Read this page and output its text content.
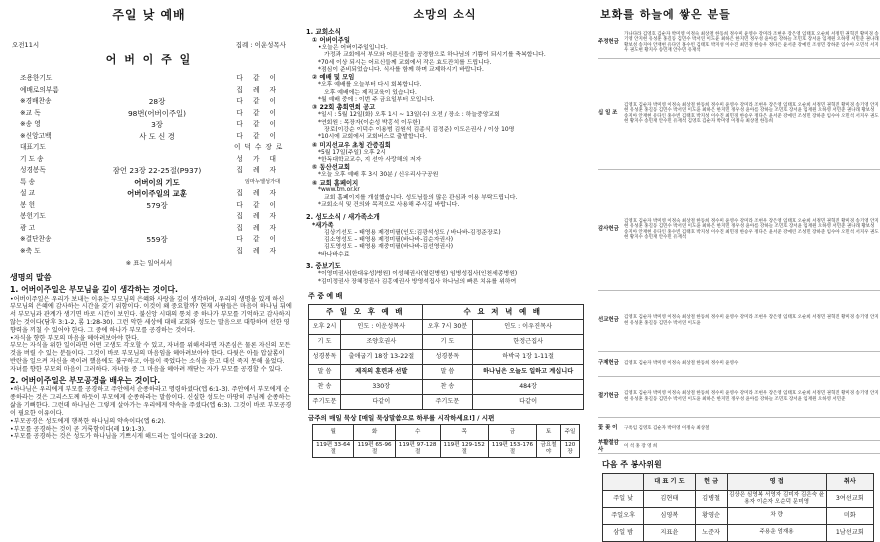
주일 낮 예배
오전11시	집례 : 이운성목사
어 버 이 주 일
조용한기도	다 같 이
예배로의부름	집 례 자
※경배찬송	28장	다 같 이
※교 독	98번(어버이주일)	다 같 이
※송 영	3장	다 같 이
※신앙고백	사 도 신 경	다 같 이
대표기도	이덕수장로
기 도 송	성 가 대
성경봉독	잠언 23장 22-25절(P937)	집 례 자
특 송	어버이의 기도	임마누엘성가대
설 교	어버이주일의 교훈	집 례 자
봉 헌	579장	다 같 이
봉헌기도	집 례 자
광 고	집 례 자
※결단찬송	559장	다 같 이
※축 도	집 례 자
※ 표는 일어서서
생명의 말씀
1. 어버이주일은 부모님을 깊이 생각하는 것이다.
•어버이주일은 우리가 보내는 이유는 부모님의 은혜와 사랑을 깊이 생각하며, 우리의 생명을 있게 하신 부모님의 은혜에 감사하는 시간을 갖기 위함이다. 이것이 왜 중요할까? 현재 사람들은 마음이 하나님 뒤에서 부모님과 관계가 생기면 바로 시간이 보인다. 불신앙 시대의 통치 중 하나가 부모를 기억하고 감사하지 않는 것이다(담후 3:1-2, 롬 1:28-30). 그런 악한 세상에 대해 교회와 성도는 말음으로 대항하며 선한 영향력을 끼칠 수 있어야 한다. 그 중에 하나가 부모를 공경하는 것이다.
•자식을 향한 부모의 마음을 헤아려보아야 한다.
부모는 자식을 위한 일이라면 어떤 고생도 각오할 수 있고, 자녀를 위해서라면 자존심은 물론 자신의 모든 것을 버릴 수 있는 분들이다. 그것이 바로 부모님의 마음임을 헤아려보아야 한다. 다윗은 아들 압살롬이 반란을 일으켜 자신을 죽이려 했음에도 불구하고, 아들이 죽었다는 소식을 듣고 대신 죽지 못해 울었다. 자녀를 향한 부모의 마음이 그러하다. 자녀들 중 그 마음을 헤아려 깨닫는 자가 부모를 공경할 수 있다.
2. 어버이주일은 부모공경을 배우는 것이다.
•하나님은 우리에게 부모를 공경하고 주안에서 순종하라고 명령하셨다(엡 6:1-3). 주안에서 부모에게 순종하라는 것은 그리스도께 하듯이 부모에게 순종하라는 말씀이다. 신실한 성도는 마땅히 주님께 순종하는 삶을 기뻐한다. 그런데 하나님은 그렇게 살아가는 우리에게 약속을 주셨다(엡 6:3). 그것이 바로 부모공경이 필요한 이유이다.
•부모공경은 성도에게 행복한 하나님의 약속이다(엡 6:2).
•부모를 공경하는 것이 곧 거룩함이다(레 19:1-3).
•부모를 공경하는 것은 성도가 하나님을 기쁘시게 해드리는 일이다(골 3:20).
소망의 소식
1. 교회소식
① 어버이주일
•오늘은 어버이주일입니다.
가정과 교회에서 부모와 어른신들을 공경함으로 하나님의 기쁨이 되시기를 축복합니다.
*70세 이상 되시는 어르신들께 교회에서 작은 효도잔치를 드립니다.
*점심이 준비되었습니다. 식사를 함께 하며 교제하시기 바랍니다.
② 예배 및 모임
*오후 예배를 오늘부터 다시 회복합니다.
오후 예배에는 제직교육이 있습니다.
*월 예배 중에 : 이번 주 금요일부터 모입니다.
③ 22회 총회연희 공고
*일시 : 5월 12일(화) 오후 1시 ~ 13일(수) 오전 / 장소 : 하늘중앙교회
*연회원 : 목장자(이순성 박홍석 이두한)
장로(이강순 이덕수 이용범 김원석 김종식 김정준) 이도은권사 / 이상 10명
*10시에 교회에서 교회버스로 출발합니다.
④ 미지선교우 초청 간증집회
*5월 17일(주일) 오후 2시
*한독대학교교수, 지 선아 사랑해의 저자
⑤ 동산선교회
*오늘 오후 예배 후 3시 30분 / 신우리사구공원
⑥ 교회 홈페이지
*www.tm.or.kr
교회 홈페이지를 개설했습니다. 성도님들의 많은 관심과 이용 부탁드립니다.
*교회소식 및 건의와 목적으로 사용해 주시길 바랍니다.
2. 성도소식 / 새가족소개
*새가족
김상기선도 – 태영용 제경미필(인도:김광석성도 / 바나바-김정준장로)
김소영성도 – 태영용 제정미필(바나바-김순자권사)
김도영성도 – 태영용 재중미필(바나바-김선영권사)
*바나바수료
3. 중보기도
*이영미권사(한대유성)병원) 이성혜권사(열린병원) 임병성집사(인천세종병원)
*김미정권사 장혜정권사 김홍예권사 방영석집사 하나님의 빠른 치유를 위하여
주 중 예 배
주 일 오 후 예 배		수 요 저 녁 예 배	
오후 2시	인도 : 이운성목사	오후 7시 30분	인도 : 이우진목사
기 도	조양호권사	기 도	한정근집사
성경봉독	출애굽기 18장 13-22절	성경봉독	하박국 1장 1-11절
말 씀	제직의 훈련과 선발	말 씀	하나님은 오늘도 일하고 계십니다
찬 송	330장	찬 송	484장
주기도문	다같이	주기도문	다같이
금주의 매일 묵상 [매일 묵상말씀으로 하루를 시작하세요!] / 시편
월	화	수	목	금	토	주일
119편 33-64절	119편 65-96절	119편 97-128절	119편 129-152절	119편 153-176절	금요철야	120장
보화를 하늘에 쌓은 분들
주정헌금
가나다라 김영호 김순자 박미영 이정숙 최상철 한동희 정수미 윤영수 강미라 조현우 장은영 임태호 오순희 서정민 권혁진 황미경 송기영 안지현 유성훈 홍길동 김민수 박서연 이도윤 최하은 한지민 정우성 윤아름 강하늘 조민호 장서윤 임재원 오하영 서민준 권나래 황보성 송지아 안재현 유다인 홍수빈 김태호 박지성 이수진 최민경 한승우 정다은 윤서준 강예린 조성민 장하준 임수아 오민석 서지우 권도현 황지수 송민재 안수민 유재석
십 일 조
김영호 김순자 박미영 이정숙 최상철 한동희 정수미 윤영수 강미라 조현우 장은영 임태호 오순희 서정민 권혁진 황미경 송기영 안지현 유성훈 홍길동 김민수 박서연 이도윤 최하은 한지민 정우성 윤아름 강하늘 조민호 장서윤 임재원 오하영 서민준 권나래 황보성 송지아 안재현 유다인 홍수빈 김태호 박지성 이수진 최민경 한승우 정다은 윤서준 강예린 조성민 장하준 임수아 오민석 서지우 권도현 황지수 송민재 안수민 유재석 김영호 김순자 박미영 이정숙 최상철 한동희
감사헌금
김영호 김순자 박미영 이정숙 최상철 한동희 정수미 윤영수 강미라 조현우 장은영 임태호 오순희 서정민 권혁진 황미경 송기영 안지현 유성훈 홍길동 김민수 박서연 이도윤 최하은 한지민 정우성 윤아름 강하늘 조민호 장서윤 임재원 오하영 서민준 권나래 황보성 송지아 안재현 유다인 홍수빈 김태호 박지성 이수진 최민경 한승우 정다은 윤서준 강예린 조성민 장하준 임수아 오민석 서지우 권도현 황지수 송민재 안수민 유재석
선교헌금	김영호 김순자 박미영 이정숙 최상철 한동희 정수미 윤영수 강미라 조현우 장은영 임태호 오순희 서정민 권혁진 황미경 송기영 안지현 유성훈 홍길동 김민수 박서연 이도윤
구제헌금	김영호 김순자 박미영 이정숙 최상철 한동희 정수미 윤영수
절기헌금	김영호 김순자 박미영 이정숙 최상철 한동희 정수미 윤영수 강미라 조현우 장은영 임태호 오순희 서정민 권혁진 황미경 송기영 안지현 유성훈 홍길동 김민수 박서연 이도윤 최하은 한지민 정우성 윤아름 강하늘 조민호 장서윤 임재원 오하영 서민준
꽃 꽂 이	구옥임 김영호 김순자 박미영 이정숙 최상철
부활절감사
이 석 홍 장 영 희
다음 주 봉사위원
	대 표 기 도	헌 금	영 접	취사
주일 낮	김현태	김병철	김상은 심영복 서영자 김미자 김은숙 윤용자 이순자 오순덕 문미영	3여선교회
주일오후	심영복	황영순	차 량	미화
삼일 밤	지표윤	노준자	주용운 엄재용	1남선교회
